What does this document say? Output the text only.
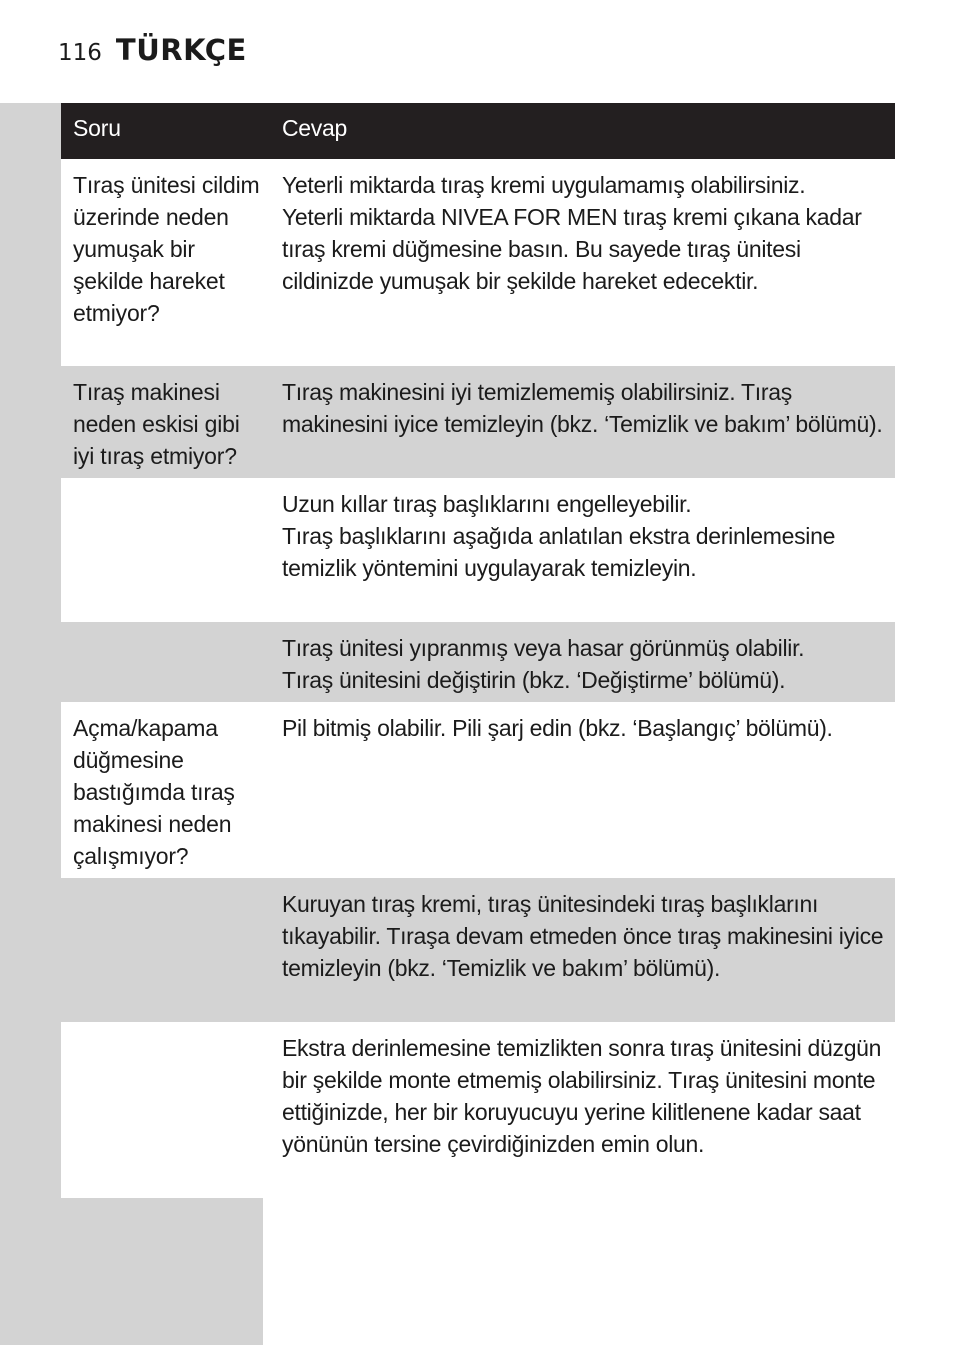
116 TÜRKÇE
Soru	Cevap
Tıraş ünitesi cildim üzerinde neden yumuşak bir şekilde hareket etmiyor?
Yeterli miktarda tıraş kremi uygulamamış olabilirsiniz.
Yeterli miktarda NIVEA FOR MEN tıraş kremi çıkana kadar tıraş kremi düğmesine basın. Bu sayede tıraş ünitesi cildinizde yumuşak bir şekilde hareket edecektir.
Tıraş makinesi neden eskisi gibi iyi tıraş etmiyor?
Tıraş makinesini iyi temizlememiş olabilirsiniz. Tıraş makinesini iyice temizleyin (bkz. ‘Temizlik ve bakım’ bölümü).
Uzun kıllar tıraş başlıklarını engelleyebilir.
Tıraş başlıklarını aşağıda anlatılan ekstra derinlemesine temizlik yöntemini uygulayarak temizleyin.
Tıraş ünitesi yıpranmış veya hasar görünmüş olabilir.
Tıraş ünitesini değiştirin (bkz. ‘Değiştirme’ bölümü).
Açma/kapama düğmesine bastığımda tıraş makinesi neden çalışmıyor?
Pil bitmiş olabilir. Pili şarj edin (bkz. ‘Başlangıç’ bölümü).
Kuruyan tıraş kremi, tıraş ünitesindeki tıraş başlıklarını tıkayabilir. Tıraşa devam etmeden önce tıraş makinesini iyice temizleyin (bkz. ‘Temizlik ve bakım’ bölümü).
Ekstra derinlemesine temizlikten sonra tıraş ünitesini düzgün bir şekilde monte etmemiş olabilirsiniz. Tıraş ünitesini monte ettiğinizde, her bir koruyucuyu yerine kilitlenene kadar saat yönünün tersine çevirdiğinizden emin olun.
